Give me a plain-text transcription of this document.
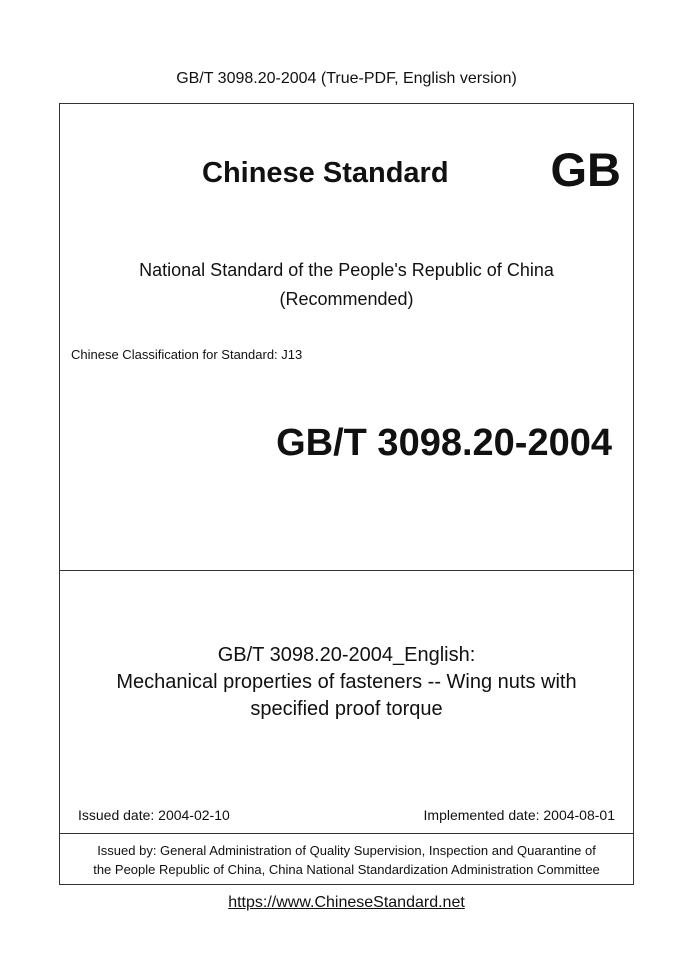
GB/T 3098.20-2004 (True-PDF, English version)
Chinese Standard GB
National Standard of the People's Republic of China
(Recommended)
Chinese Classification for Standard: J13
GB/T 3098.20-2004
GB/T 3098.20-2004_English:
Mechanical properties of fasteners -- Wing nuts with
specified proof torque
Issued date: 2004-02-10	Implemented date: 2004-08-01
Issued by: General Administration of Quality Supervision, Inspection and Quarantine of
the People Republic of China, China National Standardization Administration Committee
https://www.ChineseStandard.net
